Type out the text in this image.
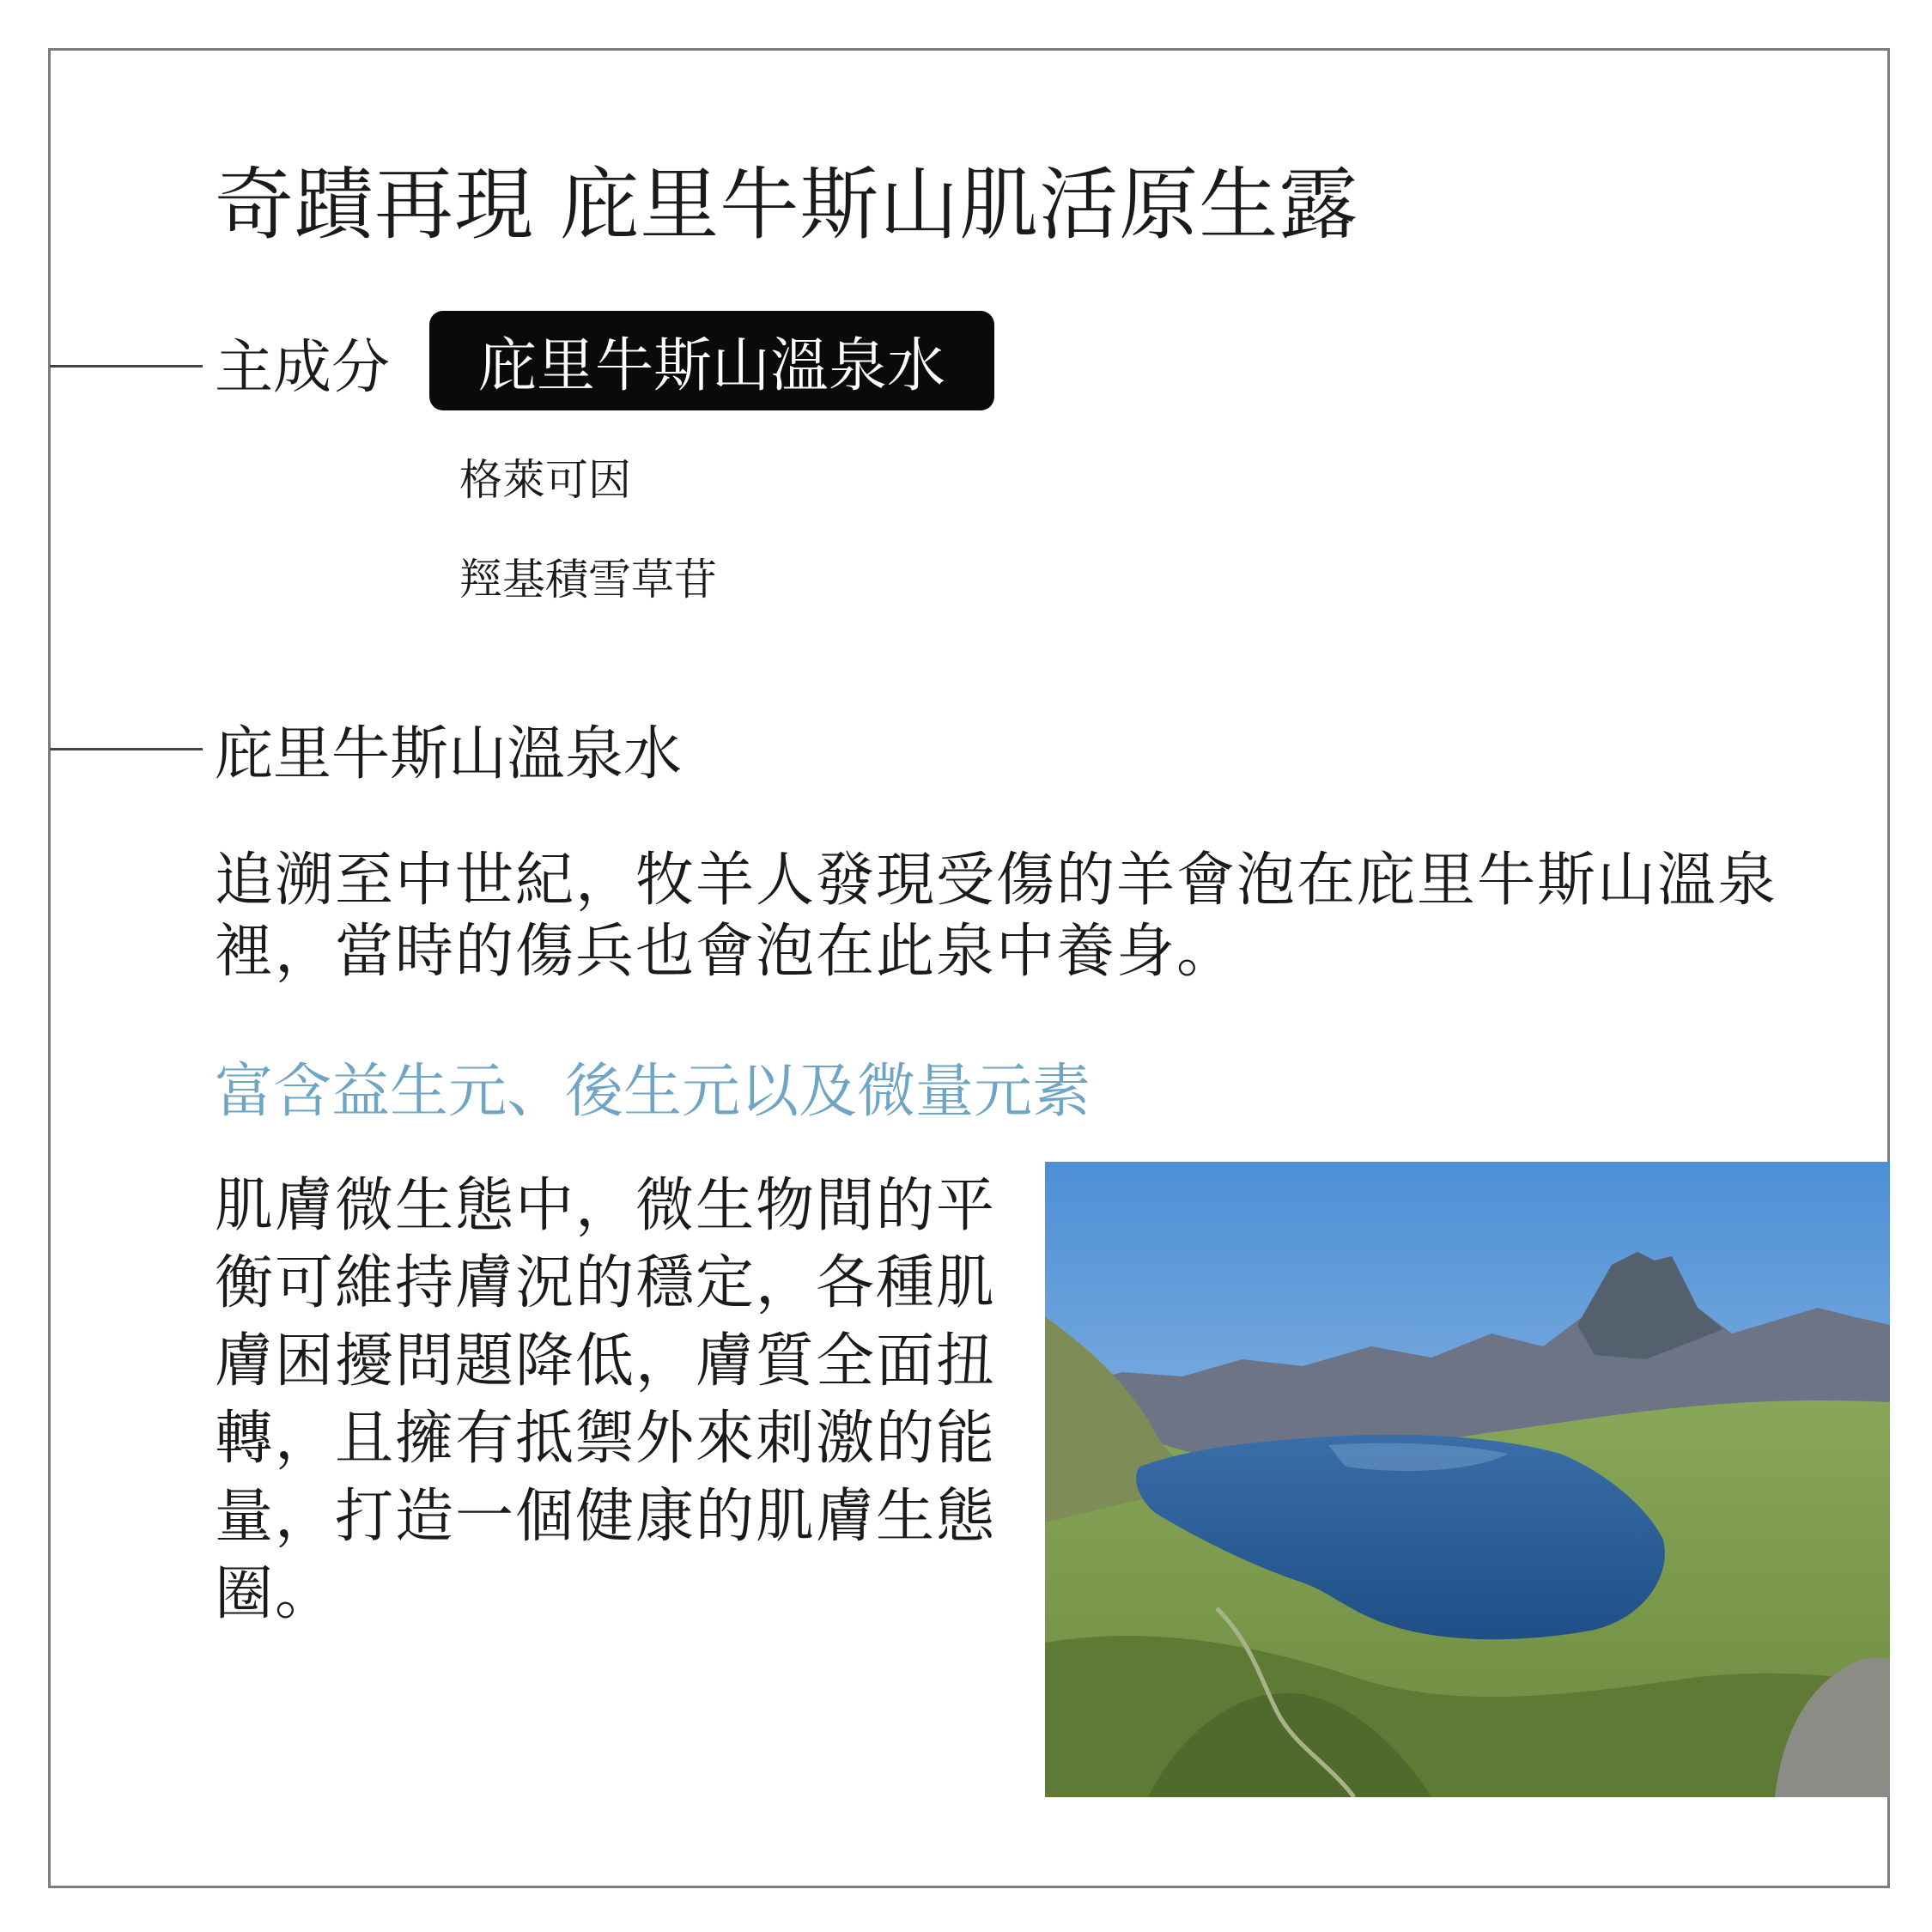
奇蹟再現 庇里牛斯山肌活原生露
主成分 庇里牛斯山溫泉水
格萊可因
羥基積雪草苷
庇里牛斯山溫泉水
追溯至中世紀，牧羊人發現受傷的羊會泡在庇里牛斯山溫泉裡，當時的傷兵也會泡在此泉中養身。
富含益生元、後生元以及微量元素
肌膚微生態中，微生物間的平衡可維持膚況的穩定，各種肌膚困擾問題降低，膚質全面扭轉，且擁有抵禦外來刺激的能量，打造一個健康的肌膚生態圈。
